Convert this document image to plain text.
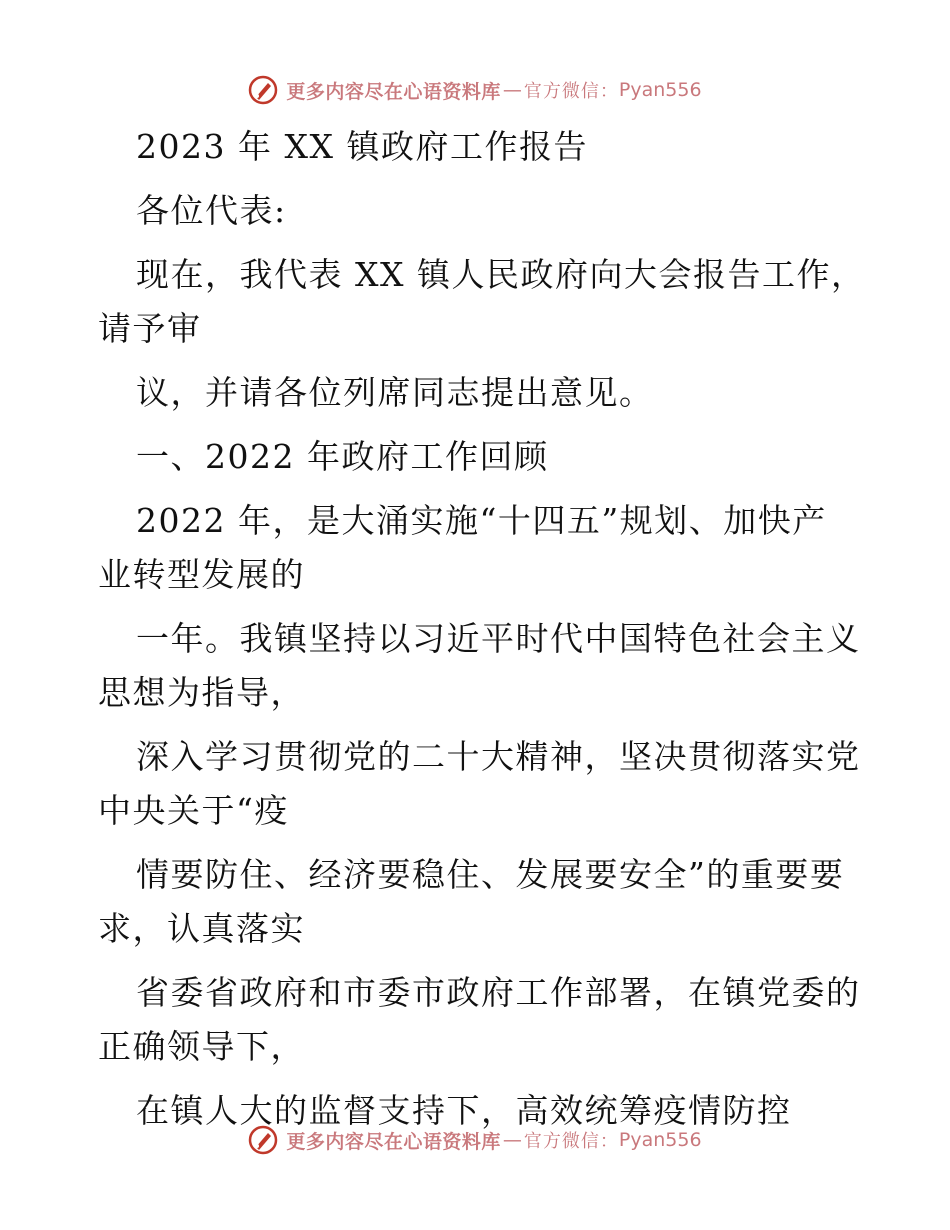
更多内容尽在心语资料库 — 官方微信： Pyan556
2023 年 XX 镇政府工作报告
各位代表:
现在，我代表 XX 镇人民政府向大会报告工作，
请予审
议，并请各位列席同志提出意见。
一、2022 年政府工作回顾
2022 年，是大涌实施“十四五”规划、加快产
业转型发展的
一年。我镇坚持以习近平时代中国特色社会主义
思想为指导，
深入学习贯彻党的二十大精神，坚决贯彻落实党
中央关于“疫
情要防住、经济要稳住、发展要安全”的重要要
求，认真落实
省委省政府和市委市政府工作部署，在镇党委的
正确领导下，
在镇人大的监督支持下，高效统筹疫情防控
更多内容尽在心语资料库 — 官方微信： Pyan556
